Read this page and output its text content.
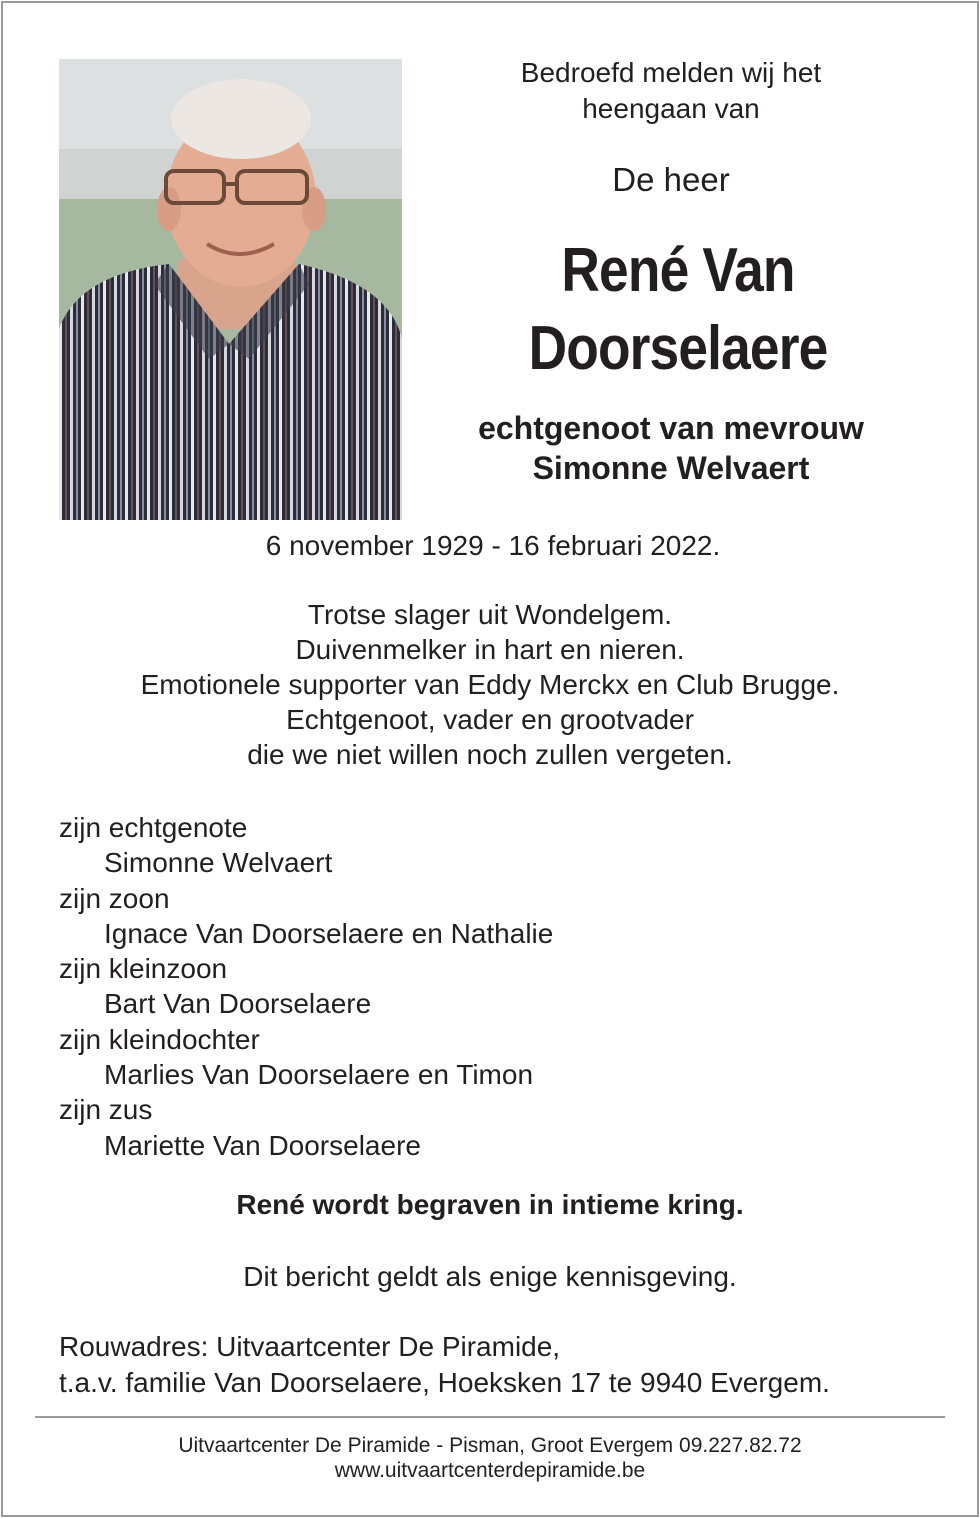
Bedroefd melden wij het heengaan van
De heer
René Van
Doorselaere
echtgenoot van mevrouw
Simonne Welvaert
6 november 1929 - 16 februari 2022.
Trotse slager uit Wondelgem.
Duivenmelker in hart en nieren.
Emotionele supporter van Eddy Merckx en Club Brugge.
Echtgenoot, vader en grootvader
die we niet willen noch zullen vergeten.
zijn echtgenote
Simonne Welvaert
zijn zoon
Ignace Van Doorselaere en Nathalie
zijn kleinzoon
Bart Van Doorselaere
zijn kleindochter
Marlies Van Doorselaere en Timon
zijn zus
Mariette Van Doorselaere
René wordt begraven in intieme kring.
Dit bericht geldt als enige kennisgeving.
Rouwadres: Uitvaartcenter De Piramide,
t.a.v. familie Van Doorselaere, Hoeksken 17 te 9940 Evergem.
Uitvaartcenter De Piramide - Pisman, Groot Evergem 09.227.82.72
www.uitvaartcenterdepiramide.be
